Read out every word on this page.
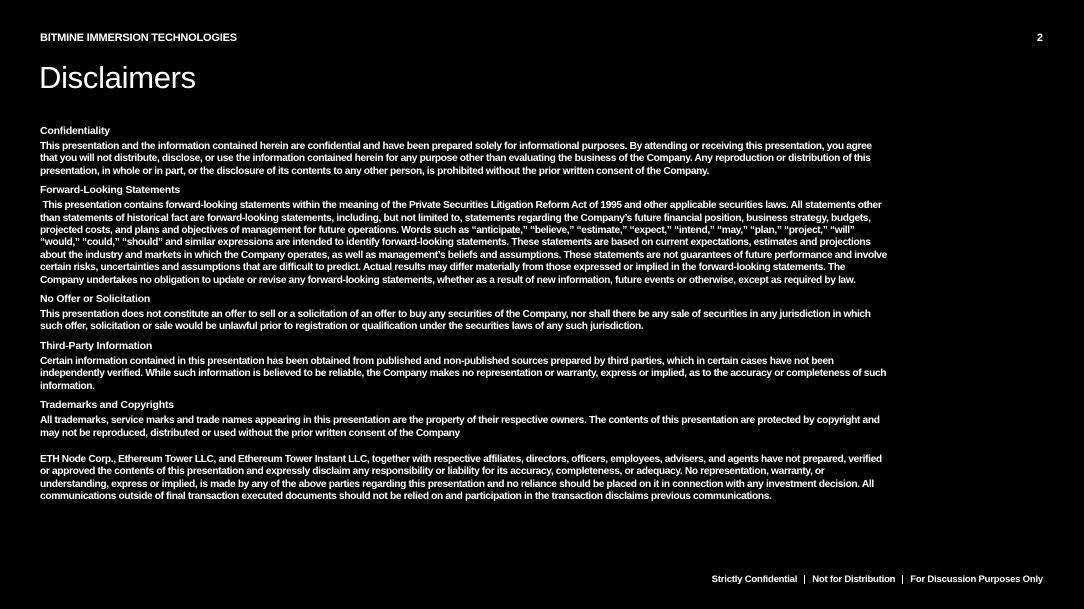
BITMINE IMMERSION TECHNOLOGIES	2
Disclaimers

Confidentiality

This presentation and the information contained herein are confidential and have been prepared solely for informational purposes. By attending or receiving this presentation, you agree that you will not distribute, disclose, or use the information contained herein for any purpose other than evaluating the business of the Company. Any reproduction or distribution of this presentation, in whole or in part, or the disclosure of its contents to any other person, is prohibited without the prior written consent of the Company.

Forward-Looking Statements

This presentation contains forward-looking statements within the meaning of the Private Securities Litigation Reform Act of 1995 and other applicable securities laws. All statements other than statements of historical fact are forward-looking statements, including, but not limited to, statements regarding the Company’s future financial position, business strategy, budgets, projected costs, and plans and objectives of management for future operations. Words such as “anticipate,” “believe,” “estimate,” “expect,” “intend,” “may,” “plan,” “project,” “will” “would,” “could,” “should” and similar expressions are intended to identify forward-looking statements. These statements are based on current expectations, estimates and projections about the industry and markets in which the Company operates, as well as management’s beliefs and assumptions. These statements are not guarantees of future performance and involve certain risks, uncertainties and assumptions that are difficult to predict. Actual results may differ materially from those expressed or implied in the forward-looking statements. The Company undertakes no obligation to update or revise any forward-looking statements, whether as a result of new information, future events or otherwise, except as required by law.

No Offer or Solicitation

This presentation does not constitute an offer to sell or a solicitation of an offer to buy any securities of the Company, nor shall there be any sale of securities in any jurisdiction in which such offer, solicitation or sale would be unlawful prior to registration or qualification under the securities laws of any such jurisdiction.

Third-Party Information

Certain information contained in this presentation has been obtained from published and non-published sources prepared by third parties, which in certain cases have not been independently verified. While such information is believed to be reliable, the Company makes no representation or warranty, express or implied, as to the accuracy or completeness of such information.

Trademarks and Copyrights

All trademarks, service marks and trade names appearing in this presentation are the property of their respective owners. The contents of this presentation are protected by copyright and may not be reproduced, distributed or used without the prior written consent of the Company

ETH Node Corp., Ethereum Tower LLC, and Ethereum Tower Instant LLC, together with respective affiliates, directors, officers, employees, advisers, and agents have not prepared, verified or approved the contents of this presentation and expressly disclaim any responsibility or liability for its accuracy, completeness, or adequacy. No representation, warranty, or understanding, express or implied, is made by any of the above parties regarding this presentation and no reliance should be placed on it in connection with any investment decision. All communications outside of final transaction executed documents should not be relied on and participation in the transaction disclaims previous communications.

Strictly Confidential Not for Distribution For Discussion Purposes Only
